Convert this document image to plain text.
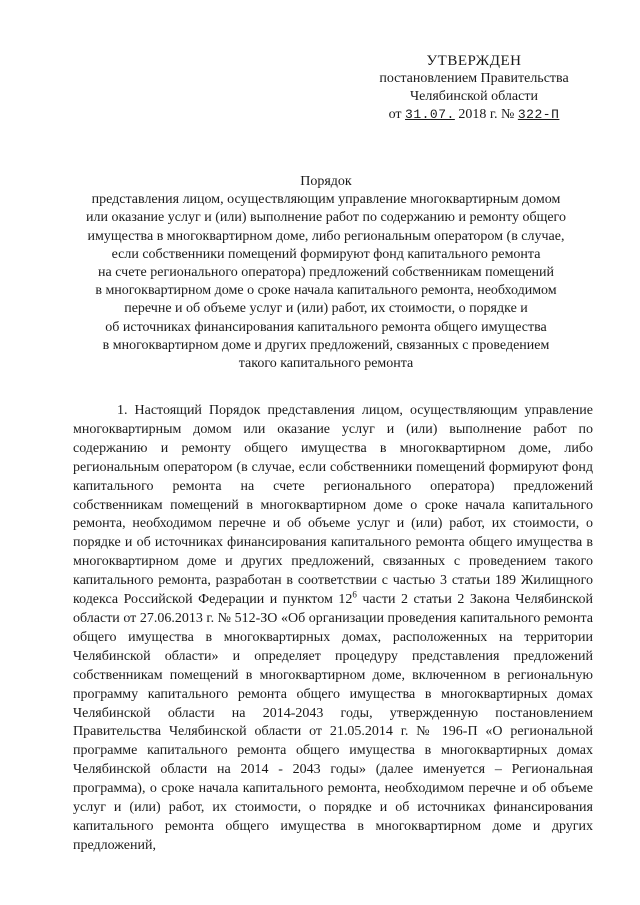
УТВЕРЖДЕН
постановлением Правительства
Челябинской области
от 31.07. 2018 г. № 322-П
Порядок
представления лицом, осуществляющим управление многоквартирным домом
или оказание услуг и (или) выполнение работ по содержанию и ремонту общего
имущества в многоквартирном доме, либо региональным оператором (в случае,
если собственники помещений формируют фонд капитального ремонта
на счете регионального оператора) предложений собственникам помещений
в многоквартирном доме о сроке начала капитального ремонта, необходимом
перечне и об объеме услуг и (или) работ, их стоимости, о порядке и
об источниках финансирования капитального ремонта общего имущества
в многоквартирном доме и других предложений, связанных с проведением
такого капитального ремонта

1. Настоящий Порядок представления лицом, осуществляющим управление многоквартирным домом или оказание услуг и (или) выполнение работ по содержанию и ремонту общего имущества в многоквартирном доме, либо региональным оператором (в случае, если собственники помещений формируют фонд капитального ремонта на счете регионального оператора) предложений собственникам помещений в многоквартирном доме о сроке начала капитального ремонта, необходимом перечне и об объеме услуг и (или) работ, их стоимости, о порядке и об источниках финансирования капитального ремонта общего имущества в многоквартирном доме и других предложений, связанных с проведением такого капитального ремонта, разработан в соответствии с частью 3 статьи 189 Жилищного кодекса Российской Федерации и пунктом $12^6$ части 2 статьи 2 Закона Челябинской области от 27.06.2013 г. № 512-ЗО «Об организации проведения капитального ремонта общего имущества в многоквартирных домах, расположенных на территории Челябинской области» и определяет процедуру представления предложений собственникам помещений в многоквартирном доме, включенном в региональную программу капитального ремонта общего имущества в многоквартирных домах Челябинской области на 2014-2043 годы, утвержденную постановлением Правительства Челябинской области от 21.05.2014 г. № 196-П «О региональной программе капитального ремонта общего имущества в многоквартирных домах Челябинской области на 2014 - 2043 годы» (далее именуется – Региональная программа), о сроке начала капитального ремонта, необходимом перечне и об объеме услуг и (или) работ, их стоимости, о порядке и об источниках финансирования капитального ремонта общего имущества в многоквартирном доме и других предложений,
